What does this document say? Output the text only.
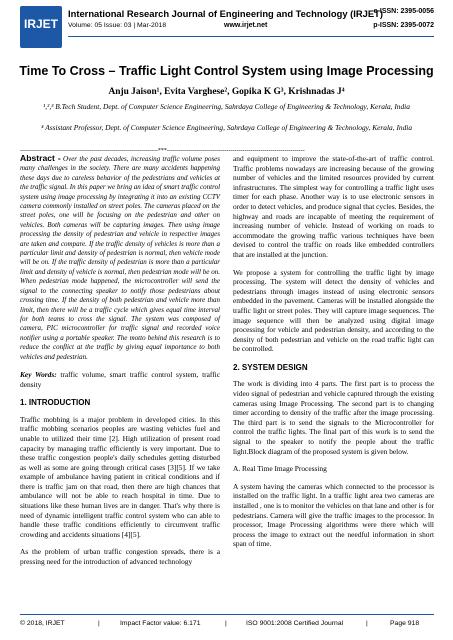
IRJET
International Research Journal of Engineering and Technology (IRJET)
Volume: 05 Issue: 03 | Mar-2018	www.irjet.net
e-ISSN: 2395-0056
p-ISSN: 2395-0072
Time To Cross – Traffic Light Control System using Image Processing
Anju Jaison¹, Evita Varghese², Gopika K G³, Krishnadas J⁴
¹,²,³ B.Tech Student, Dept. of Computer Science Engineering, Sahrdaya College of Engineering & Technology, Kerala, India
⁴ Assistant Professor, Dept. of Computer Science Engineering, Sahrdaya College of Engineering & Technology, Kerala, India
---------------------------------------------------------------------***---------------------------------------------------------------------

Abstract - Over the past decades, increasing traffic volume poses many challenges in the society. There are many accidents happening these days due to careless behavior of the pedestrians and vehicles at the traffic signal. In this paper we bring an idea of smart traffic control system using image processing by integrating it into an existing CCTV camera commonly installed on street poles. The cameras placed on the street poles, one will be focusing on the pedestrian and other on vehicles. Both cameras will be capturing images. Then using image processing the density of pedestrian and vehicle in respective images are taken and compare. If the traffic density of vehicles is more than a particular limit and density of pedestrian is normal, then vehicle mode will be on. If the traffic density of pedestrian is more than a particular limit and density of vehicle is normal, then pedestrian mode will be on. When pedestrian mode happened, the microcontroller will send the signal to the connecting speaker to notify those pedestrians about crossing time. If the density of both pedestrian and vehicle more than limit, then there will be a traffic cycle which gives equal time interval for both teams to cross the signal. The system was composed of camera, PIC microcontroller for traffic signal and recorded voice notifier using a portable speaker. The motto behind this research is to reduce the conflict at the traffic by giving equal importance to both vehicles and pedestrian.

Key Words: traffic volume, smart traffic control system, traffic density

1. INTRODUCTION

Traffic mobbing is a major problem in developed cities. In this traffic mobbing scenarios peoples are wasting vehicles fuel and unable to utilized their time [2]. High utilization of present road capacity by managing traffic efficiently is very important. Due to these traffic congestion people's daily schedules getting disturbed as well as some are going through critical cases [3][5]. If we take example of ambulance having patient in critical conditions and if there is traffic jam on that road, then there are high chances that ambulance will not be able to reach hospital in time. Due to situations like these human lives are in danger. That's why there is need of dynamic intelligent traffic control system who can able to handle these traffic conditions efficiently to circumvent traffic crowding and accidents situations [4][5].

As the problem of urban traffic congestion spreads, there is a pressing need for the introduction of advanced technology

and equipment to improve the state-of-the-art of traffic control. Traffic problems nowadays are increasing because of the growing number of vehicles and the limited resources provided by current infrastructures. The simplest way for controlling a traffic light uses timer for each phase. Another way is to use electronic sensors in order to detect vehicles, and produce signal that cycles. Besides, the highway and roads are incapable of meeting the requirement of increasing number of vehicle. Instead of working on roads to accommodate the growing traffic various techniques have been devised to control the traffic on roads like embedded controllers that are installed at the junction.

We propose a system for controlling the traffic light by image processing. The system will detect the density of vehicles and pedestrians through images instead of using electronic sensors embedded in the pavement. Cameras will be installed alongside the traffic light or street poles. They will capture image sequences. The image sequence will then be analyzed using digital image processing for vehicle and pedestrian density, and according to the density of both pedestrian and vehicle on the road traffic light can be controlled.

2. SYSTEM DESIGN

The work is dividing into 4 parts. The first part is to process the video signal of pedestrian and vehicle captured through the existing cameras using Image Processing. The second part is to changing timer according to density of the traffic after the image processing. The third part is to send the signals to the Microcontroller for control the traffic lights. The final part of this work is to send the signal to the speaker to notify the people about the traffic light.Block diagram of the proposed system is given below.

A. Real Time Image Processing

A system having the cameras which connected to the processor is installed on the traffic light. In a traffic light area two cameras are installed , one is to monitor the vehicles on that lane and other is for pedestrians. Camera will give the traffic images to the processor. In processor, Image Processing algorithms were there which will process the image to extract out the needful information in short span of time.

© 2018, IRJET	|	Impact Factor value: 6.171	|	ISO 9001:2008 Certified Journal	|	Page 918
